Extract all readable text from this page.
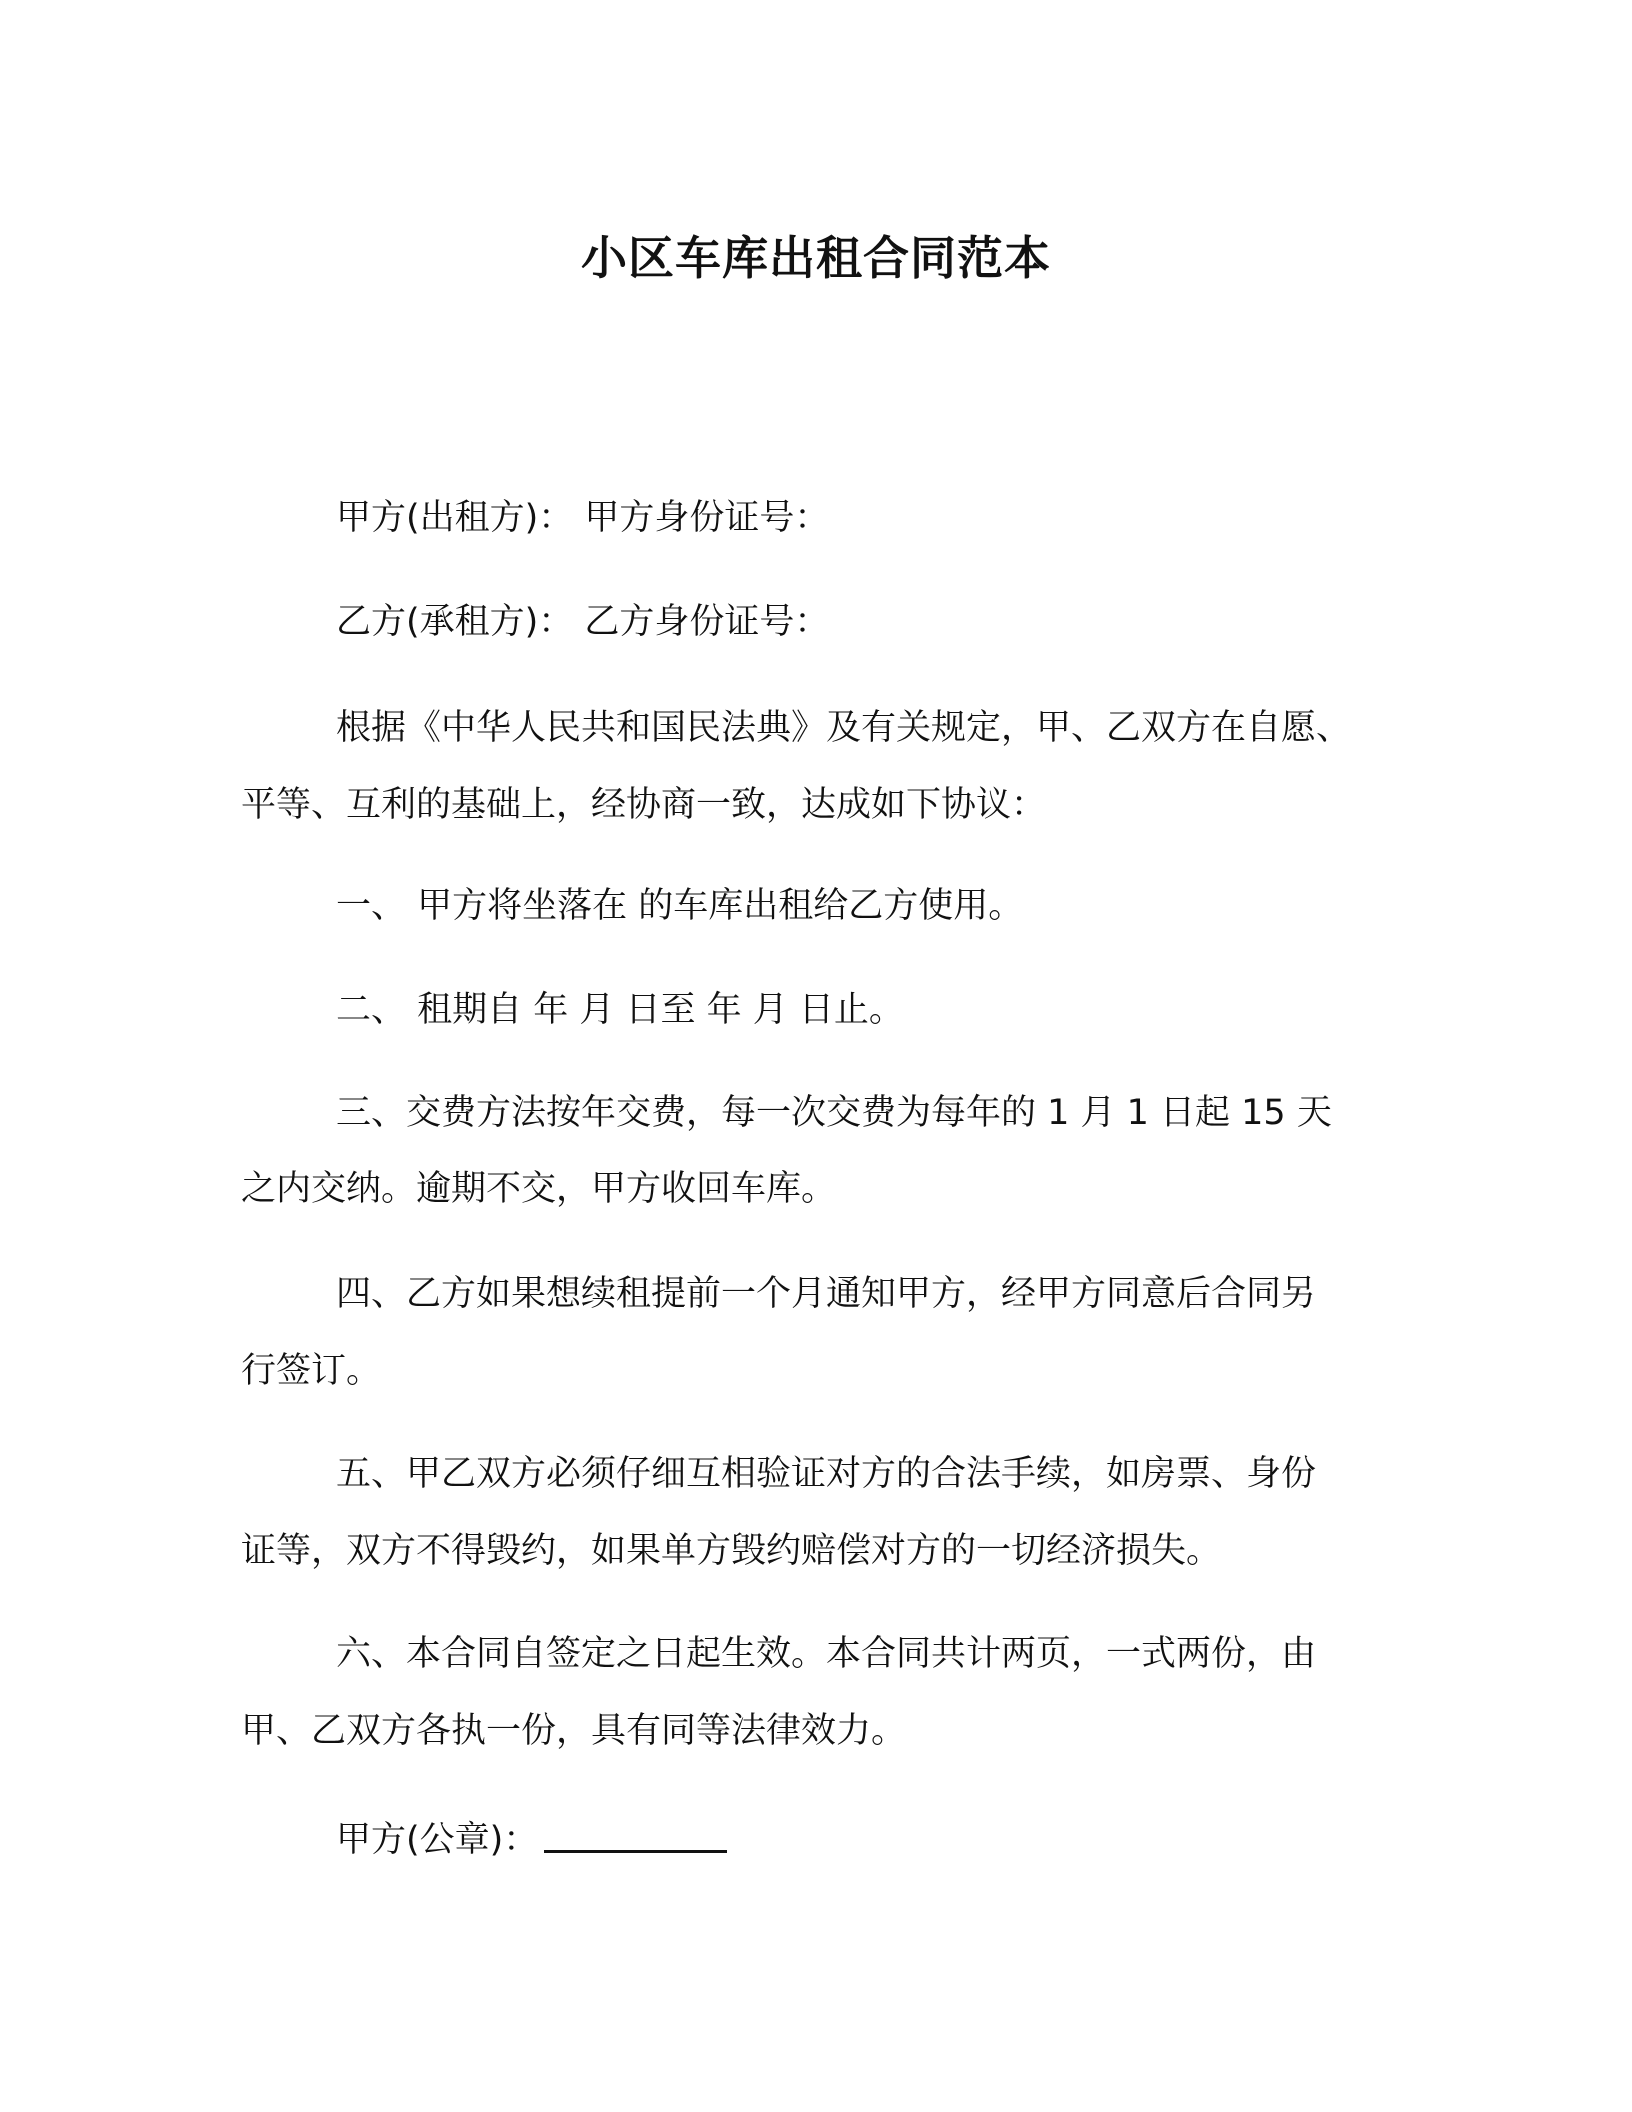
小区车库出租合同范本
甲方(出租方)： 甲方身份证号：
乙方(承租方)： 乙方身份证号：
根据《中华人民共和国民法典》及有关规定，甲、乙双方在自愿、
平等、互利的基础上，经协商一致，达成如下协议：
一、 甲方将坐落在 的车库出租给乙方使用。
二、 租期自 年 月 日至 年 月 日止。
三、交费方法按年交费，每一次交费为每年的 1 月 1 日起 15 天
之内交纳。逾期不交，甲方收回车库。
四、乙方如果想续租提前一个月通知甲方，经甲方同意后合同另
行签订。
五、甲乙双方必须仔细互相验证对方的合法手续，如房票、身份
证等，双方不得毁约，如果单方毁约赔偿对方的一切经济损失。
六、本合同自签定之日起生效。本合同共计两页，一式两份，由
甲、乙双方各执一份，具有同等法律效力。
甲方(公章)：
